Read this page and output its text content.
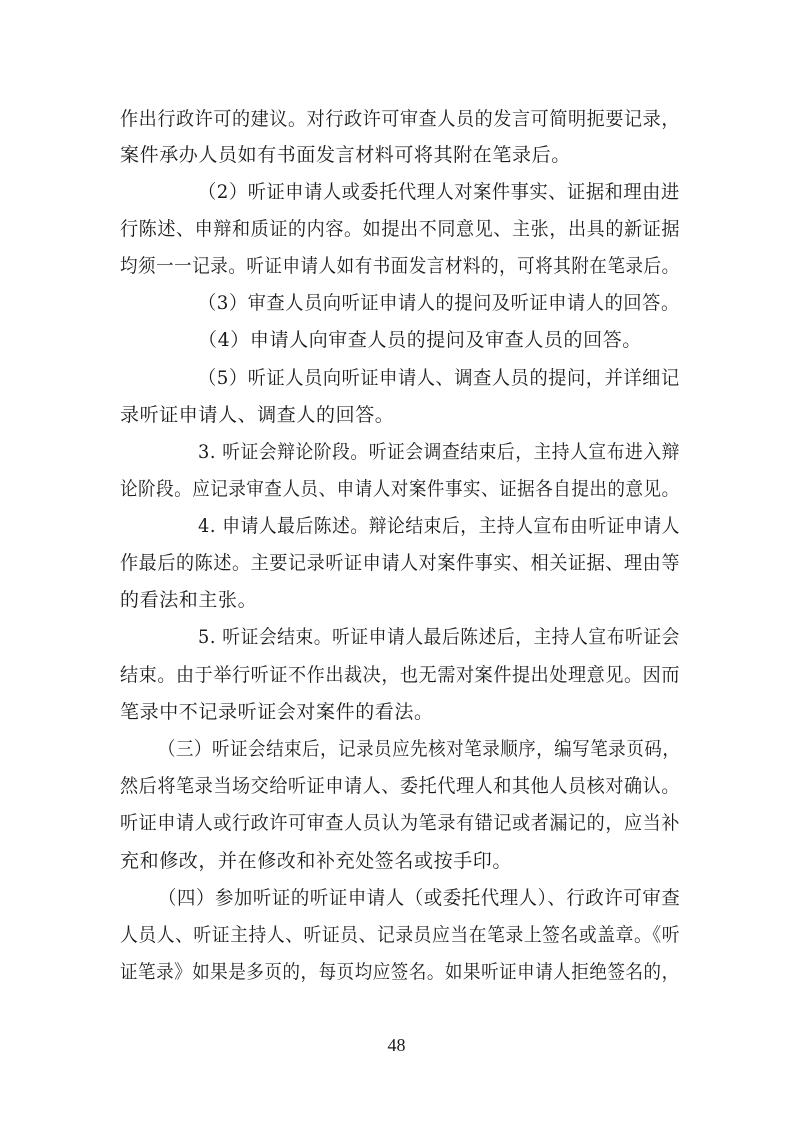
作出行政许可的建议。对行政许可审查人员的发言可简明扼要记录，
案件承办人员如有书面发言材料可将其附在笔录后。
（2）听证申请人或委托代理人对案件事实、证据和理由进
行陈述、申辩和质证的内容。如提出不同意见、主张，出具的新证据
均须一一记录。听证申请人如有书面发言材料的，可将其附在笔录后。
（3）审查人员向听证申请人的提问及听证申请人的回答。
（4）申请人向审查人员的提问及审查人员的回答。
（5）听证人员向听证申请人、调查人员的提问，并详细记
录听证申请人、调查人的回答。
3. 听证会辩论阶段。听证会调查结束后，主持人宣布进入辩
论阶段。应记录审查人员、申请人对案件事实、证据各自提出的意见。
4. 申请人最后陈述。辩论结束后，主持人宣布由听证申请人
作最后的陈述。主要记录听证申请人对案件事实、相关证据、理由等
的看法和主张。
5. 听证会结束。听证申请人最后陈述后，主持人宣布听证会
结束。由于举行听证不作出裁决，也无需对案件提出处理意见。因而
笔录中不记录听证会对案件的看法。
（三）听证会结束后，记录员应先核对笔录顺序，编写笔录页码，
然后将笔录当场交给听证申请人、委托代理人和其他人员核对确认。
听证申请人或行政许可审查人员认为笔录有错记或者漏记的，应当补
充和修改，并在修改和补充处签名或按手印。
（四）参加听证的听证申请人（或委托代理人）、行政许可审查
人员人、听证主持人、听证员、记录员应当在笔录上签名或盖章。《听
证笔录》如果是多页的，每页均应签名。如果听证申请人拒绝签名的，
48
